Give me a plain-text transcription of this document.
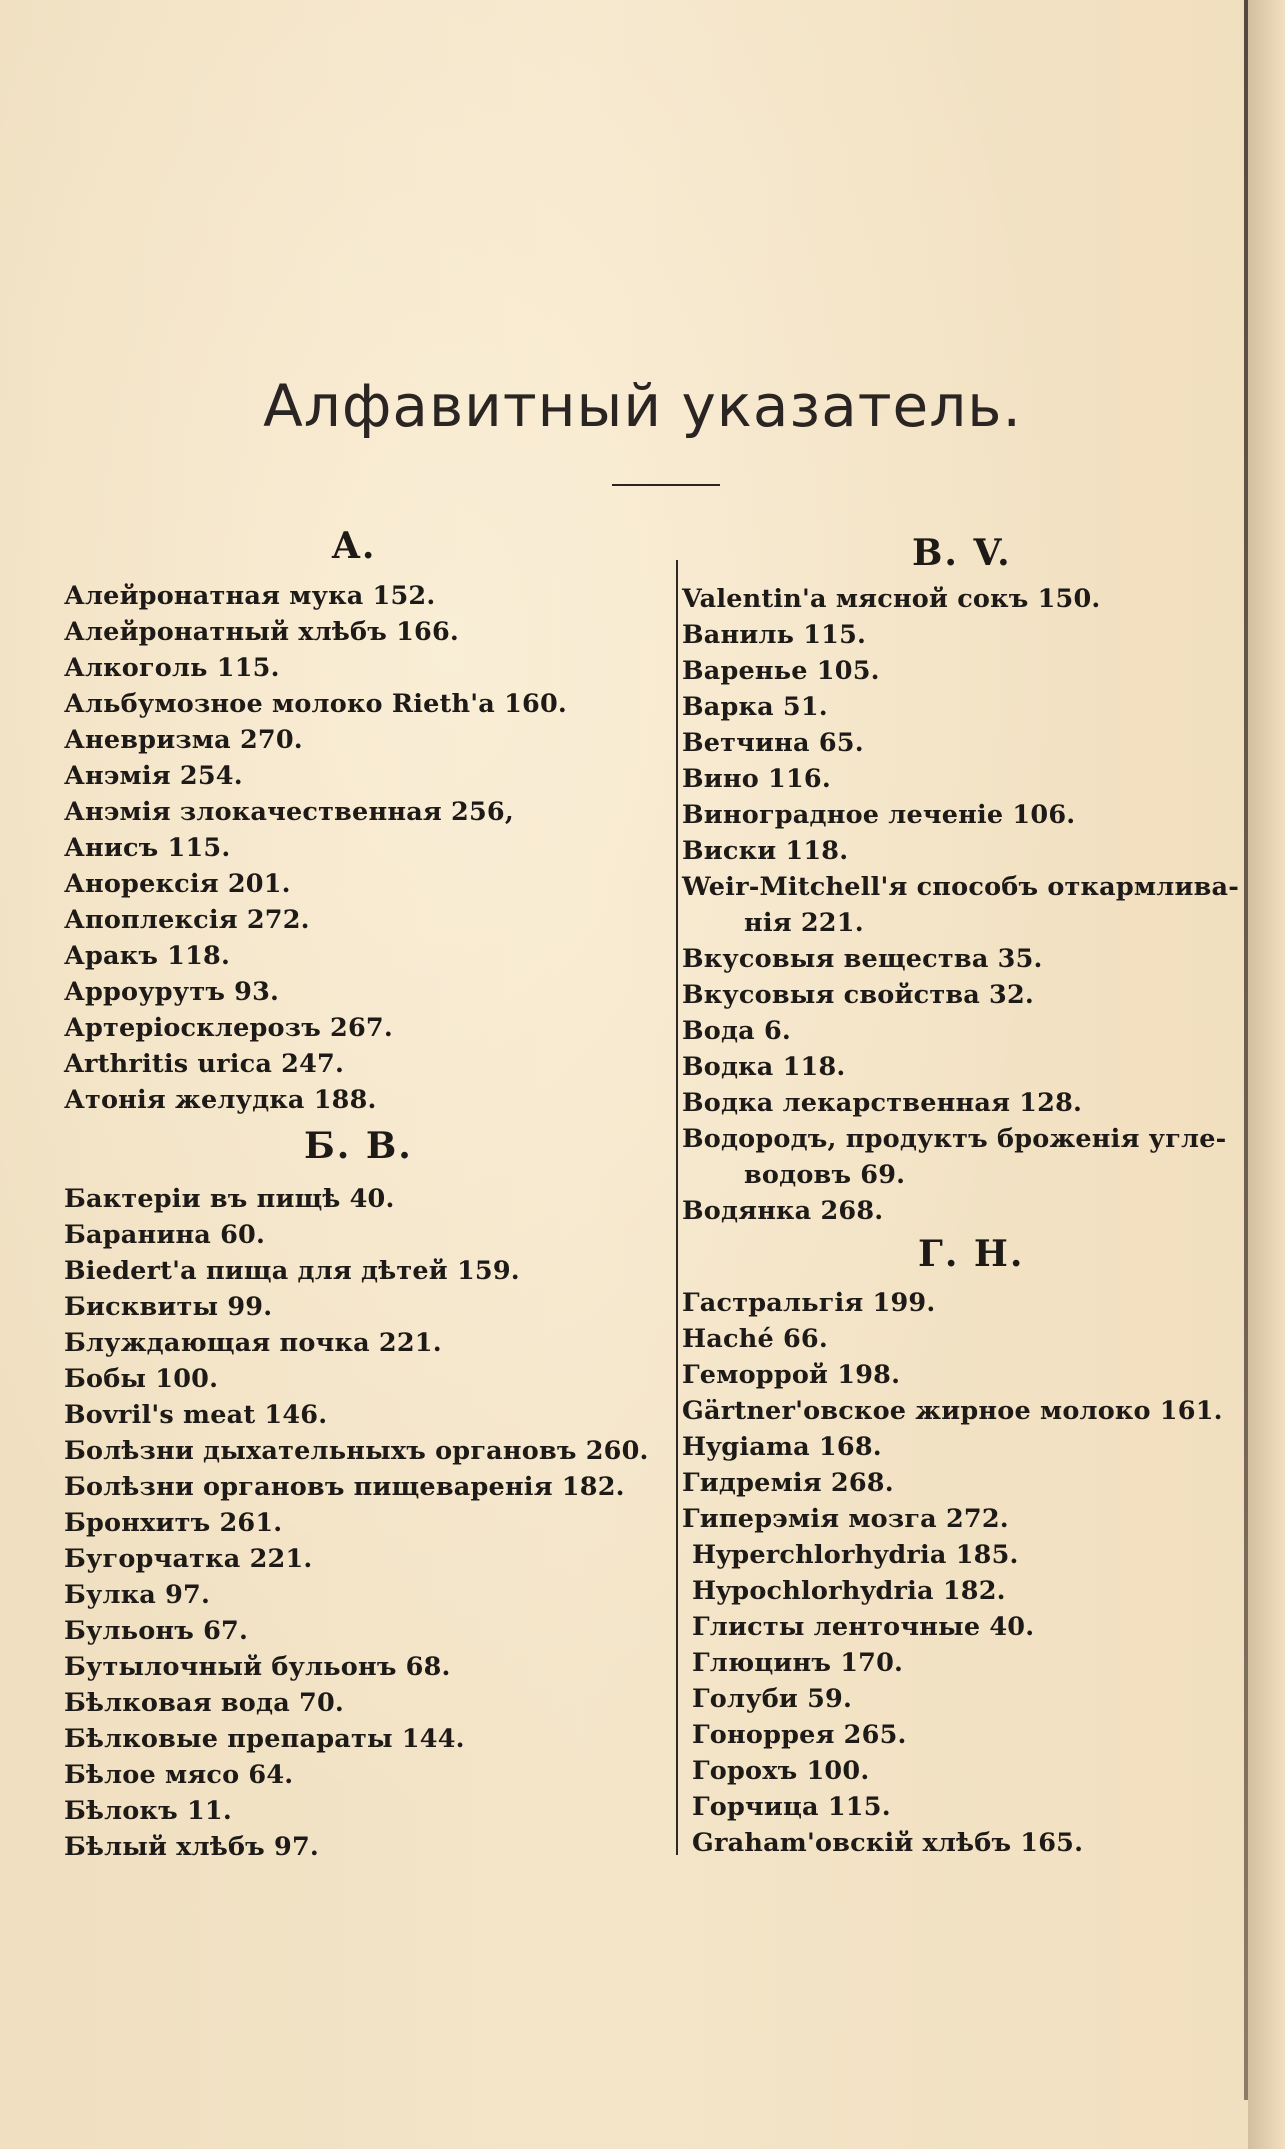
Алфавитный указатель.
A.
Алейронатная мука 152.
Алейронатный хлѣбъ 166.
Алкоголь 115.
Альбумозное молоко Rieth'a 160.
Аневризма 270.
Анэмія 254.
Анэмія злокачественная 256,
Анисъ 115.
Анорексія 201.
Апоплексія 272.
Аракъ 118.
Арроурутъ 93.
Артеріосклерозъ 267.
Arthritis urica 247.
Атонія желудка 188.
Б. B.
Бактеріи въ пищѣ 40.
Баранина 60.
Biedert'a пища для дѣтей 159.
Бисквиты 99.
Блуждающая почка 221.
Бобы 100.
Bovril's meat 146.
Болѣзни дыхательныхъ органовъ 260.
Болѣзни органовъ пищеваренія 182.
Бронхитъ 261.
Бугорчатка 221.
Булка 97.
Бульонъ 67.
Бутылочный бульонъ 68.
Бѣлковая вода 70.
Бѣлковые препараты 144.
Бѣлое мясо 64.
Бѣлокъ 11.
Бѣлый хлѣбъ 97.
B. V.
Valentin'a мясной сокъ 150.
Ваниль 115.
Варенье 105.
Варка 51.
Ветчина 65.
Вино 116.
Виноградное леченіе 106.
Виски 118.
Weir-Mitchell'я способъ откармлива-
нія 221.
Вкусовыя вещества 35.
Вкусовыя свойства 32.
Вода 6.
Водка 118.
Водка лекарственная 128.
Водородъ, продуктъ броженія угле-
водовъ 69.
Водянка 268.
Г. H.
Гастральгія 199.
Haché 66.
Геморрой 198.
Gärtner'овское жирное молоко 161.
Hygiama 168.
Гидремія 268.
Гиперэмія мозга 272.
Hyperchlorhydria 185.
Hypochlorhydria 182.
Глисты ленточные 40.
Глюцинъ 170.
Голуби 59.
Гоноррея 265.
Горохъ 100.
Горчица 115.
Graham'овскій хлѣбъ 165.
